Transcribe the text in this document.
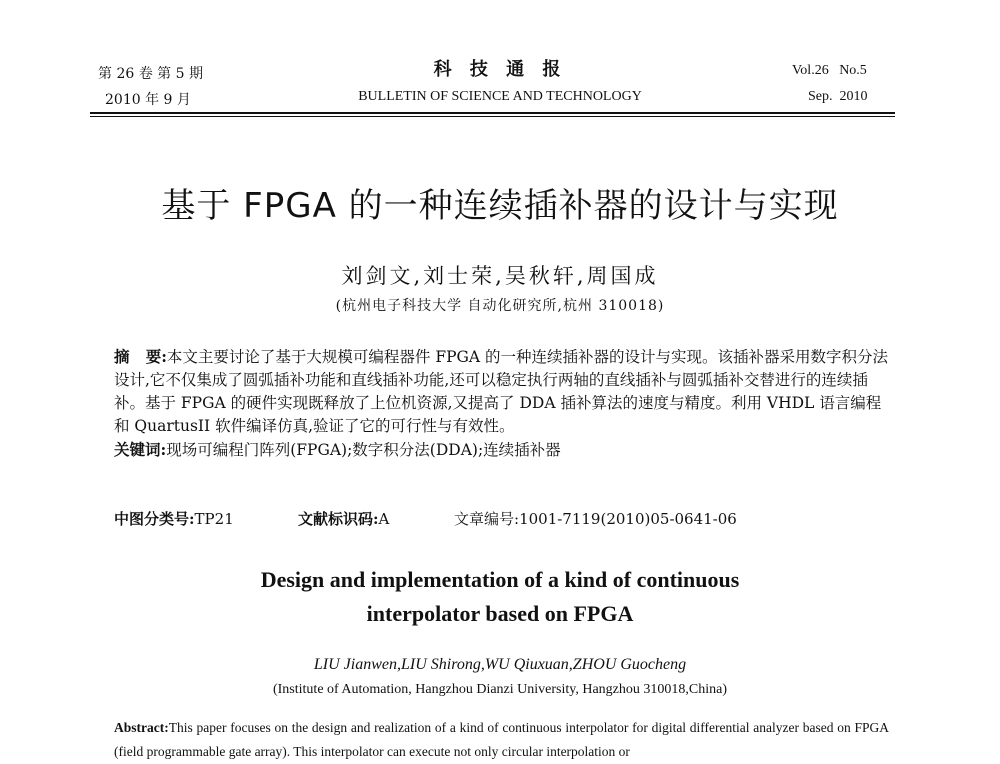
第 26 卷 第 5 期
2010 年 9 月
科 技 通 报
BULLETIN OF SCIENCE AND TECHNOLOGY
Vol.26   No.5
Sep.  2010
基于 FPGA 的一种连续插补器的设计与实现
刘剑文,刘士荣,吴秋轩,周国成
(杭州电子科技大学 自动化研究所,杭州 310018)

摘   要:本文主要讨论了基于大规模可编程器件 FPGA 的一种连续插补器的设计与实现。该插补器采用数字积分法设计,它不仅集成了圆弧插补功能和直线插补功能,还可以稳定执行两轴的直线插补与圆弧插补交替进行的连续插补。基于 FPGA 的硬件实现既释放了上位机资源,又提高了 DDA 插补算法的速度与精度。利用 VHDL 语言编程和 QuartusII 软件编译仿真,验证了它的可行性与有效性。

关键词:现场可编程门阵列(FPGA);数字积分法(DDA);连续插补器

中图分类号:TP21	文献标识码:A	文章编号:1001-7119(2010)05-0641-06
Design and implementation of a kind of continuous
interpolator based on FPGA
LIU Jianwen,LIU Shirong,WU Qiuxuan,ZHOU Guocheng
(Institute of Automation, Hangzhou Dianzi University, Hangzhou 310018,China)
Abstract:This paper focuses on the design and realization of a kind of continuous interpolator for digital differential analyzer based on FPGA (field programmable gate array). This interpolator can execute not only circular interpolation or
